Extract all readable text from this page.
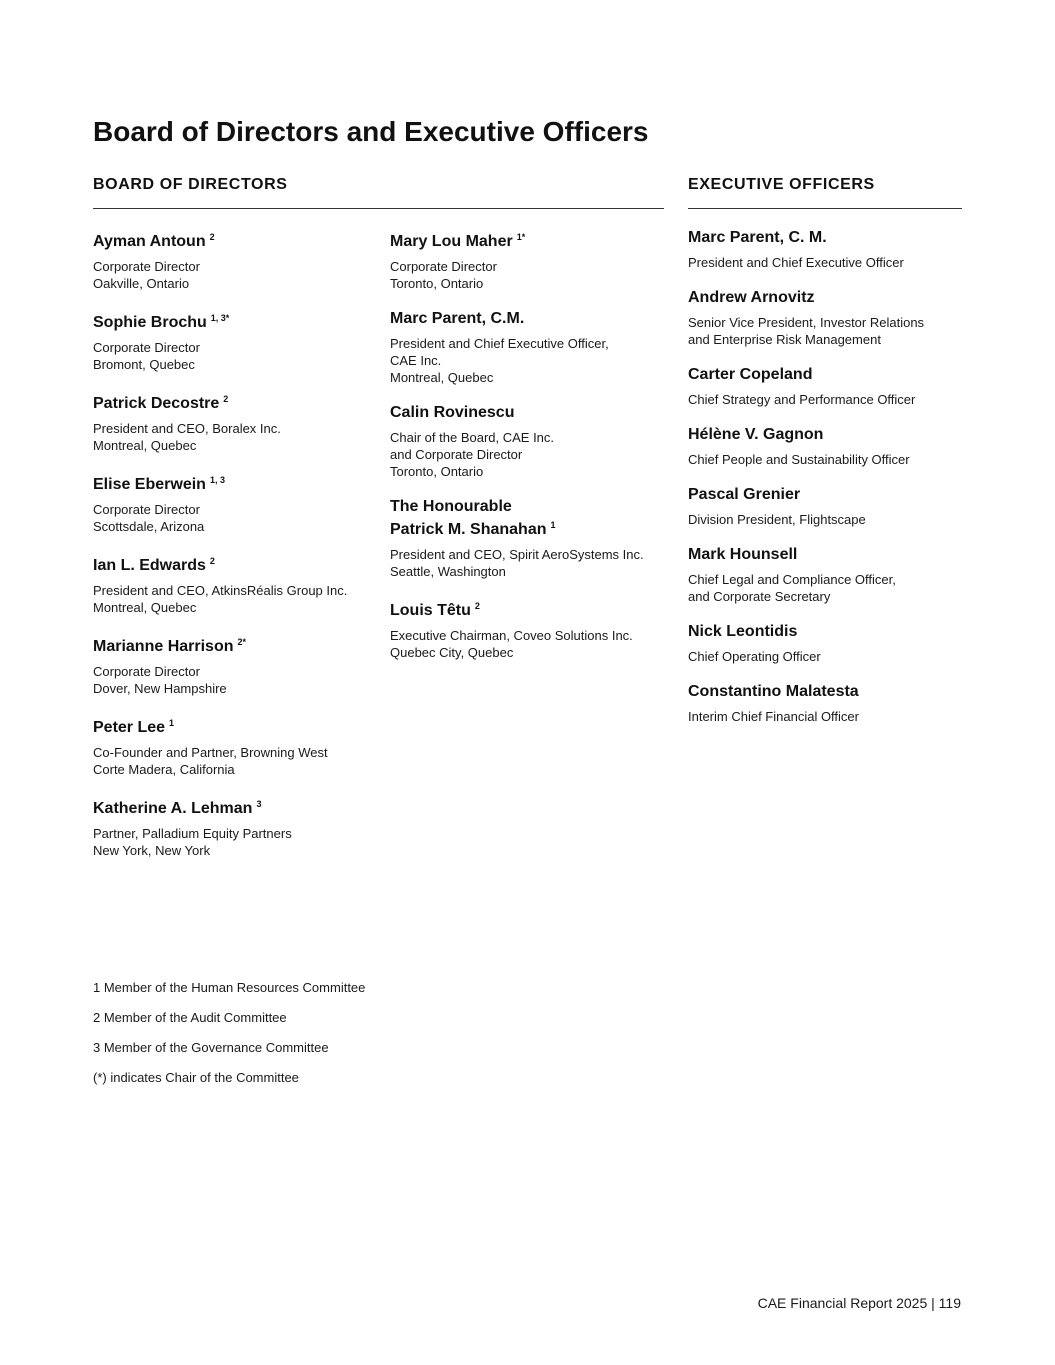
Board of Directors and Executive Officers
BOARD OF DIRECTORS	EXECUTIVE OFFICERS
Ayman Antoun $^2$
Corporate Director
Oakville, Ontario
Sophie Brochu $^{1, 3*}$
Corporate Director
Bromont, Quebec
Patrick Decostre $^2$
President and CEO, Boralex Inc.
Montreal, Quebec
Elise Eberwein $^{1, 3}$
Corporate Director
Scottsdale, Arizona
Ian L. Edwards $^2$
President and CEO, AtkinsRéalis Group Inc.
Montreal, Quebec
Marianne Harrison $^{2*}$
Corporate Director
Dover, New Hampshire
Peter Lee $^1$
Co-Founder and Partner, Browning West
Corte Madera, California
Katherine A. Lehman $^3$
Partner, Palladium Equity Partners
New York, New York
Mary Lou Maher $^{1*}$
Corporate Director
Toronto, Ontario
Marc Parent, C.M.
President and Chief Executive Officer,
CAE Inc.
Montreal, Quebec
Calin Rovinescu
Chair of the Board, CAE Inc.
and Corporate Director
Toronto, Ontario
The Honourable
Patrick M. Shanahan $^1$
President and CEO, Spirit AeroSystems Inc.
Seattle, Washington
Louis Têtu $^2$
Executive Chairman, Coveo Solutions Inc.
Quebec City, Quebec
Marc Parent, C. M.
President and Chief Executive Officer
Andrew Arnovitz
Senior Vice President, Investor Relations
and Enterprise Risk Management
Carter Copeland
Chief Strategy and Performance Officer
Hélène V. Gagnon
Chief People and Sustainability Officer
Pascal Grenier
Division President, Flightscape
Mark Hounsell
Chief Legal and Compliance Officer,
and Corporate Secretary
Nick Leontidis
Chief Operating Officer
Constantino Malatesta
Interim Chief Financial Officer
1 Member of the Human Resources Committee
2 Member of the Audit Committee
3 Member of the Governance Committee
(*) indicates Chair of the Committee
CAE Financial Report 2025 | 119
